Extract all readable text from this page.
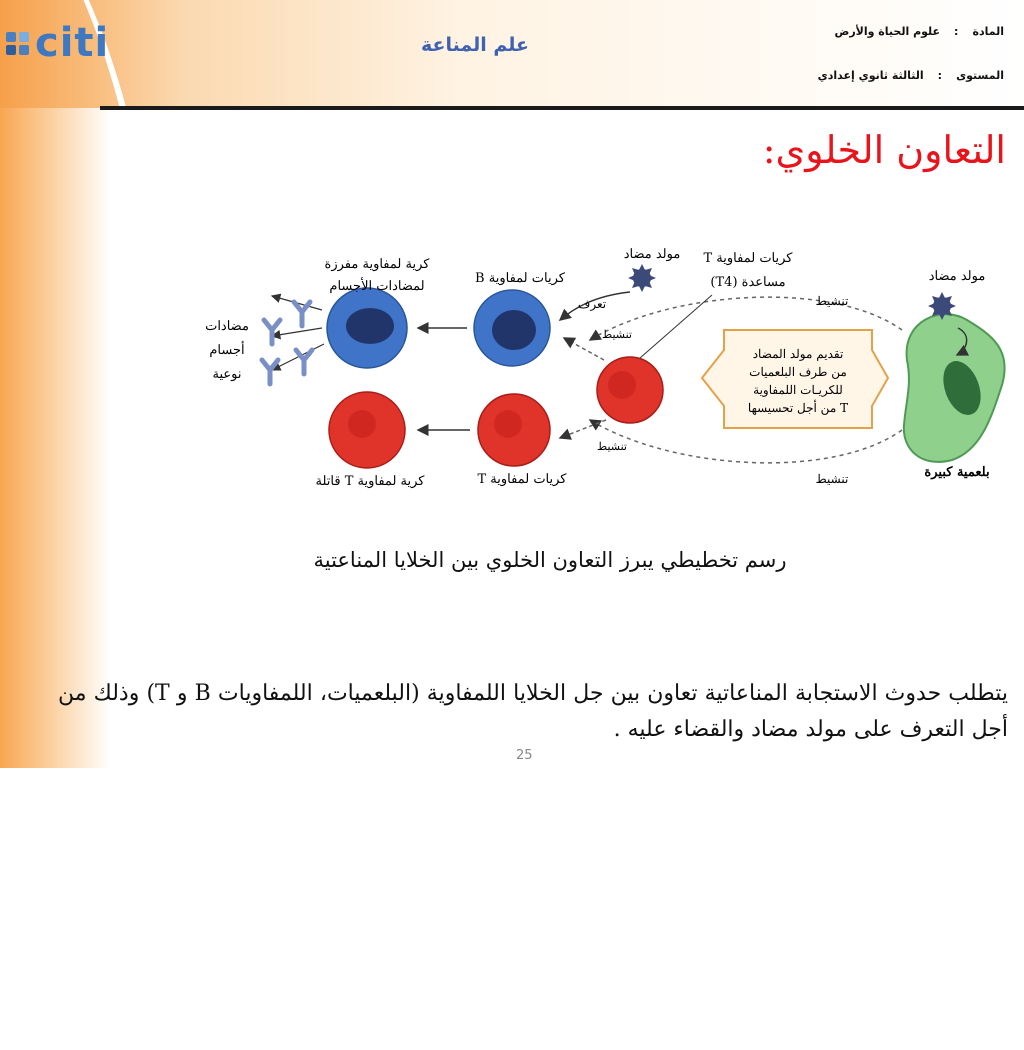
citi	علم المناعة
المادة
:
علوم الحياة والأرض
المستوى
:
الثالثة ثانوي إعدادي
التعاون الخلوي:
بلعمية كبيرة
مولد مضاد
تنشيط
تنشيط
تقديم مولد المضاد
من طرف البلعميات
للكريـات اللمفاوية
T من أجل تحسيسها
مولد مضاد كريات لمفاوية T
مساعدة (T4)
تعرف
تنشيط
تنشيط
كريات لمفاوية B
كرية لمفاوية مفرزة
لمضادات الأجسام
مضادات
أجسام
نوعية
كريات لمفاوية T
كرية لمفاوية T قاتلة
رسم تخطيطي يبرز التعاون الخلوي بين الخلايا المناعتية
يتطلب حدوث الاستجابة المناعاتية تعاون بين جل الخلايا اللمفاوية (البلعميات، اللمفاويات B و T) وذلك من أجل التعرف على مولد مضاد والقضاء عليه .
25
